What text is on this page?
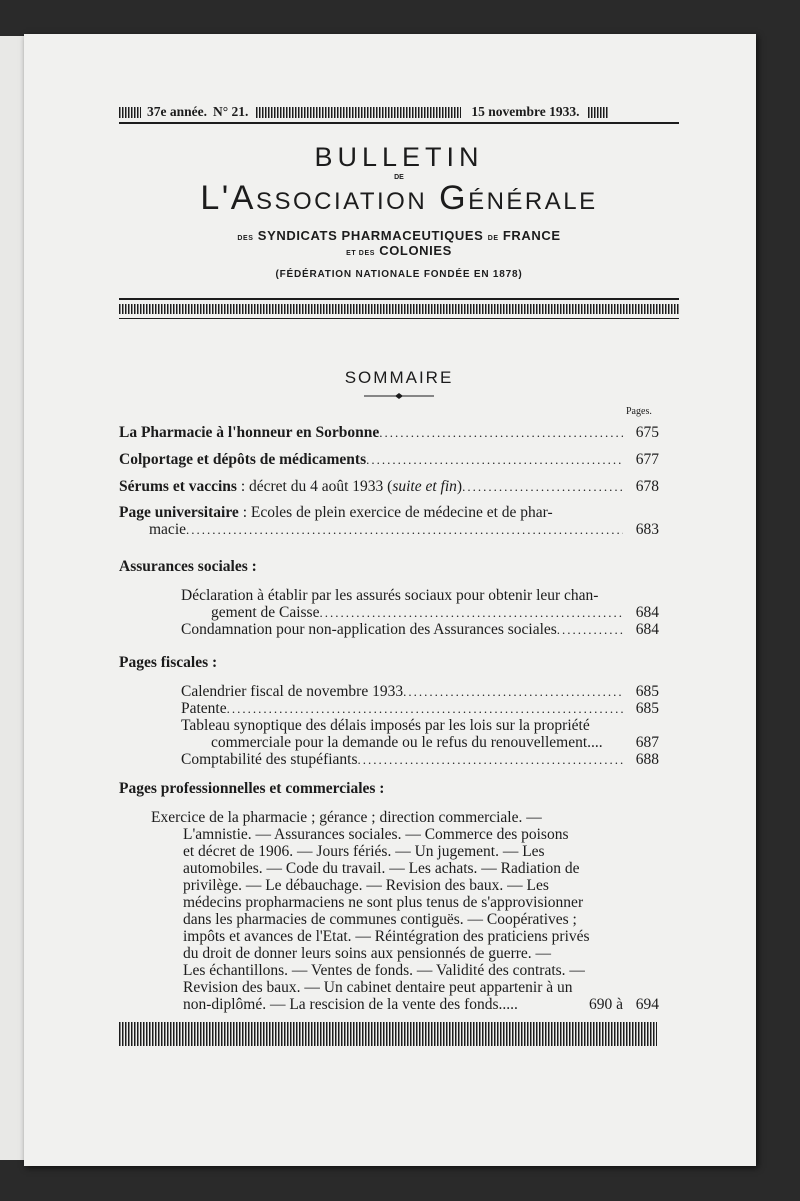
37e année. N° 21.	15 novembre 1933.
BULLETIN
DE
L'Association Générale
DES SYNDICATS PHARMACEUTIQUES DE FRANCE
ET DES COLONIES
(FÉDÉRATION NATIONALE FONDÉE EN 1878)
SOMMAIRE
Pages.
La Pharmacie à l'honneur en Sorbonne .....	675
Colportage et dépôts de médicaments .....	677
Sérums et vaccins : décret du 4 août 1933 (suite et fin) .....	678
Page universitaire : Ecoles de plein exercice de médecine et de phar-
macie .....	683
Assurances sociales :
Déclaration à établir par les assurés sociaux pour obtenir leur chan-
gement de Caisse .....	684
Condamnation pour non-application des Assurances sociales .....	684
Pages fiscales :
Calendrier fiscal de novembre 1933 .....	685
Patente .....	685
Tableau synoptique des délais imposés par les lois sur la propriété
commerciale pour la demande ou le refus du renouvellement....	687
Comptabilité des stupéfiants .....	688
Pages professionnelles et commerciales :
Exercice de la pharmacie ; gérance ; direction commerciale. —
L'amnistie. — Assurances sociales. — Commerce des poisons
et décret de 1906. — Jours fériés. — Un jugement. — Les
automobiles. — Code du travail. — Les achats. — Radiation de
privilège. — Le débauchage. — Revision des baux. — Les
médecins propharmaciens ne sont plus tenus de s'approvisionner
dans les pharmacies de communes contiguës. — Coopératives ;
impôts et avances de l'Etat. — Réintégration des praticiens privés
du droit de donner leurs soins aux pensionnés de guerre. —
Les échantillons. — Ventes de fonds. — Validité des contrats. —
Revision des baux. — Un cabinet dentaire peut appartenir à un
non-diplômé. — La rescision de la vente des fonds.....	690 à 694
